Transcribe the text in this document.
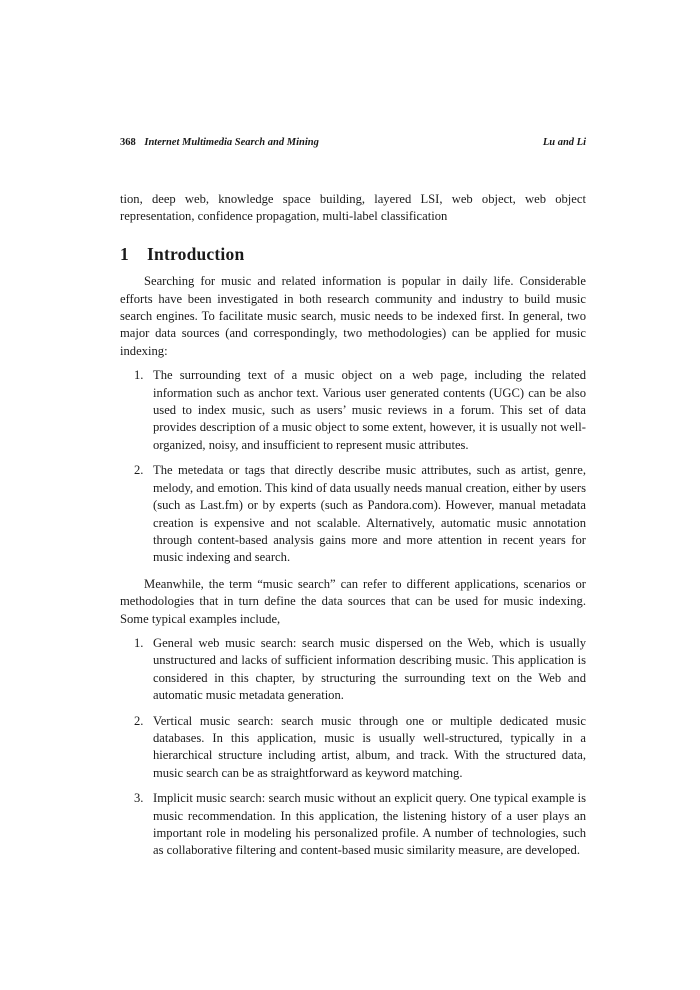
368 Internet Multimedia Search and Mining	Lu and Li

tion, deep web, knowledge space building, layered LSI, web object, web object representation, confidence propagation, multi-label classification

1 Introduction

Searching for music and related information is popular in daily life. Considerable efforts have been investigated in both research community and industry to build music search engines. To facilitate music search, music needs to be indexed first. In general, two major data sources (and correspondingly, two methodologies) can be applied for music indexing:

1. The surrounding text of a music object on a web page, including the related information such as anchor text. Various user generated contents (UGC) can be also used to index music, such as users’ music reviews in a forum. This set of data provides description of a music object to some extent, however, it is usually not well-organized, noisy, and insufficient to represent music attributes.
2. The metedata or tags that directly describe music attributes, such as artist, genre, melody, and emotion. This kind of data usually needs manual creation, either by users (such as Last.fm) or by experts (such as Pandora.com). However, manual metadata creation is expensive and not scalable. Alternatively, automatic music annotation through content-based analysis gains more and more attention in recent years for music indexing and search.

Meanwhile, the term “music search” can refer to different applications, scenarios or methodologies that in turn define the data sources that can be used for music indexing. Some typical examples include,

1. General web music search: search music dispersed on the Web, which is usually unstructured and lacks of sufficient information describing music. This application is considered in this chapter, by structuring the surrounding text on the Web and automatic music metadata generation.
2. Vertical music search: search music through one or multiple dedicated music databases. In this application, music is usually well-structured, typically in a hierarchical structure including artist, album, and track. With the structured data, music search can be as straightforward as keyword matching.
3. Implicit music search: search music without an explicit query. One typical example is music recommendation. In this application, the listening history of a user plays an important role in modeling his personalized profile. A number of technologies, such as collaborative filtering and content-based music similarity measure, are developed.
